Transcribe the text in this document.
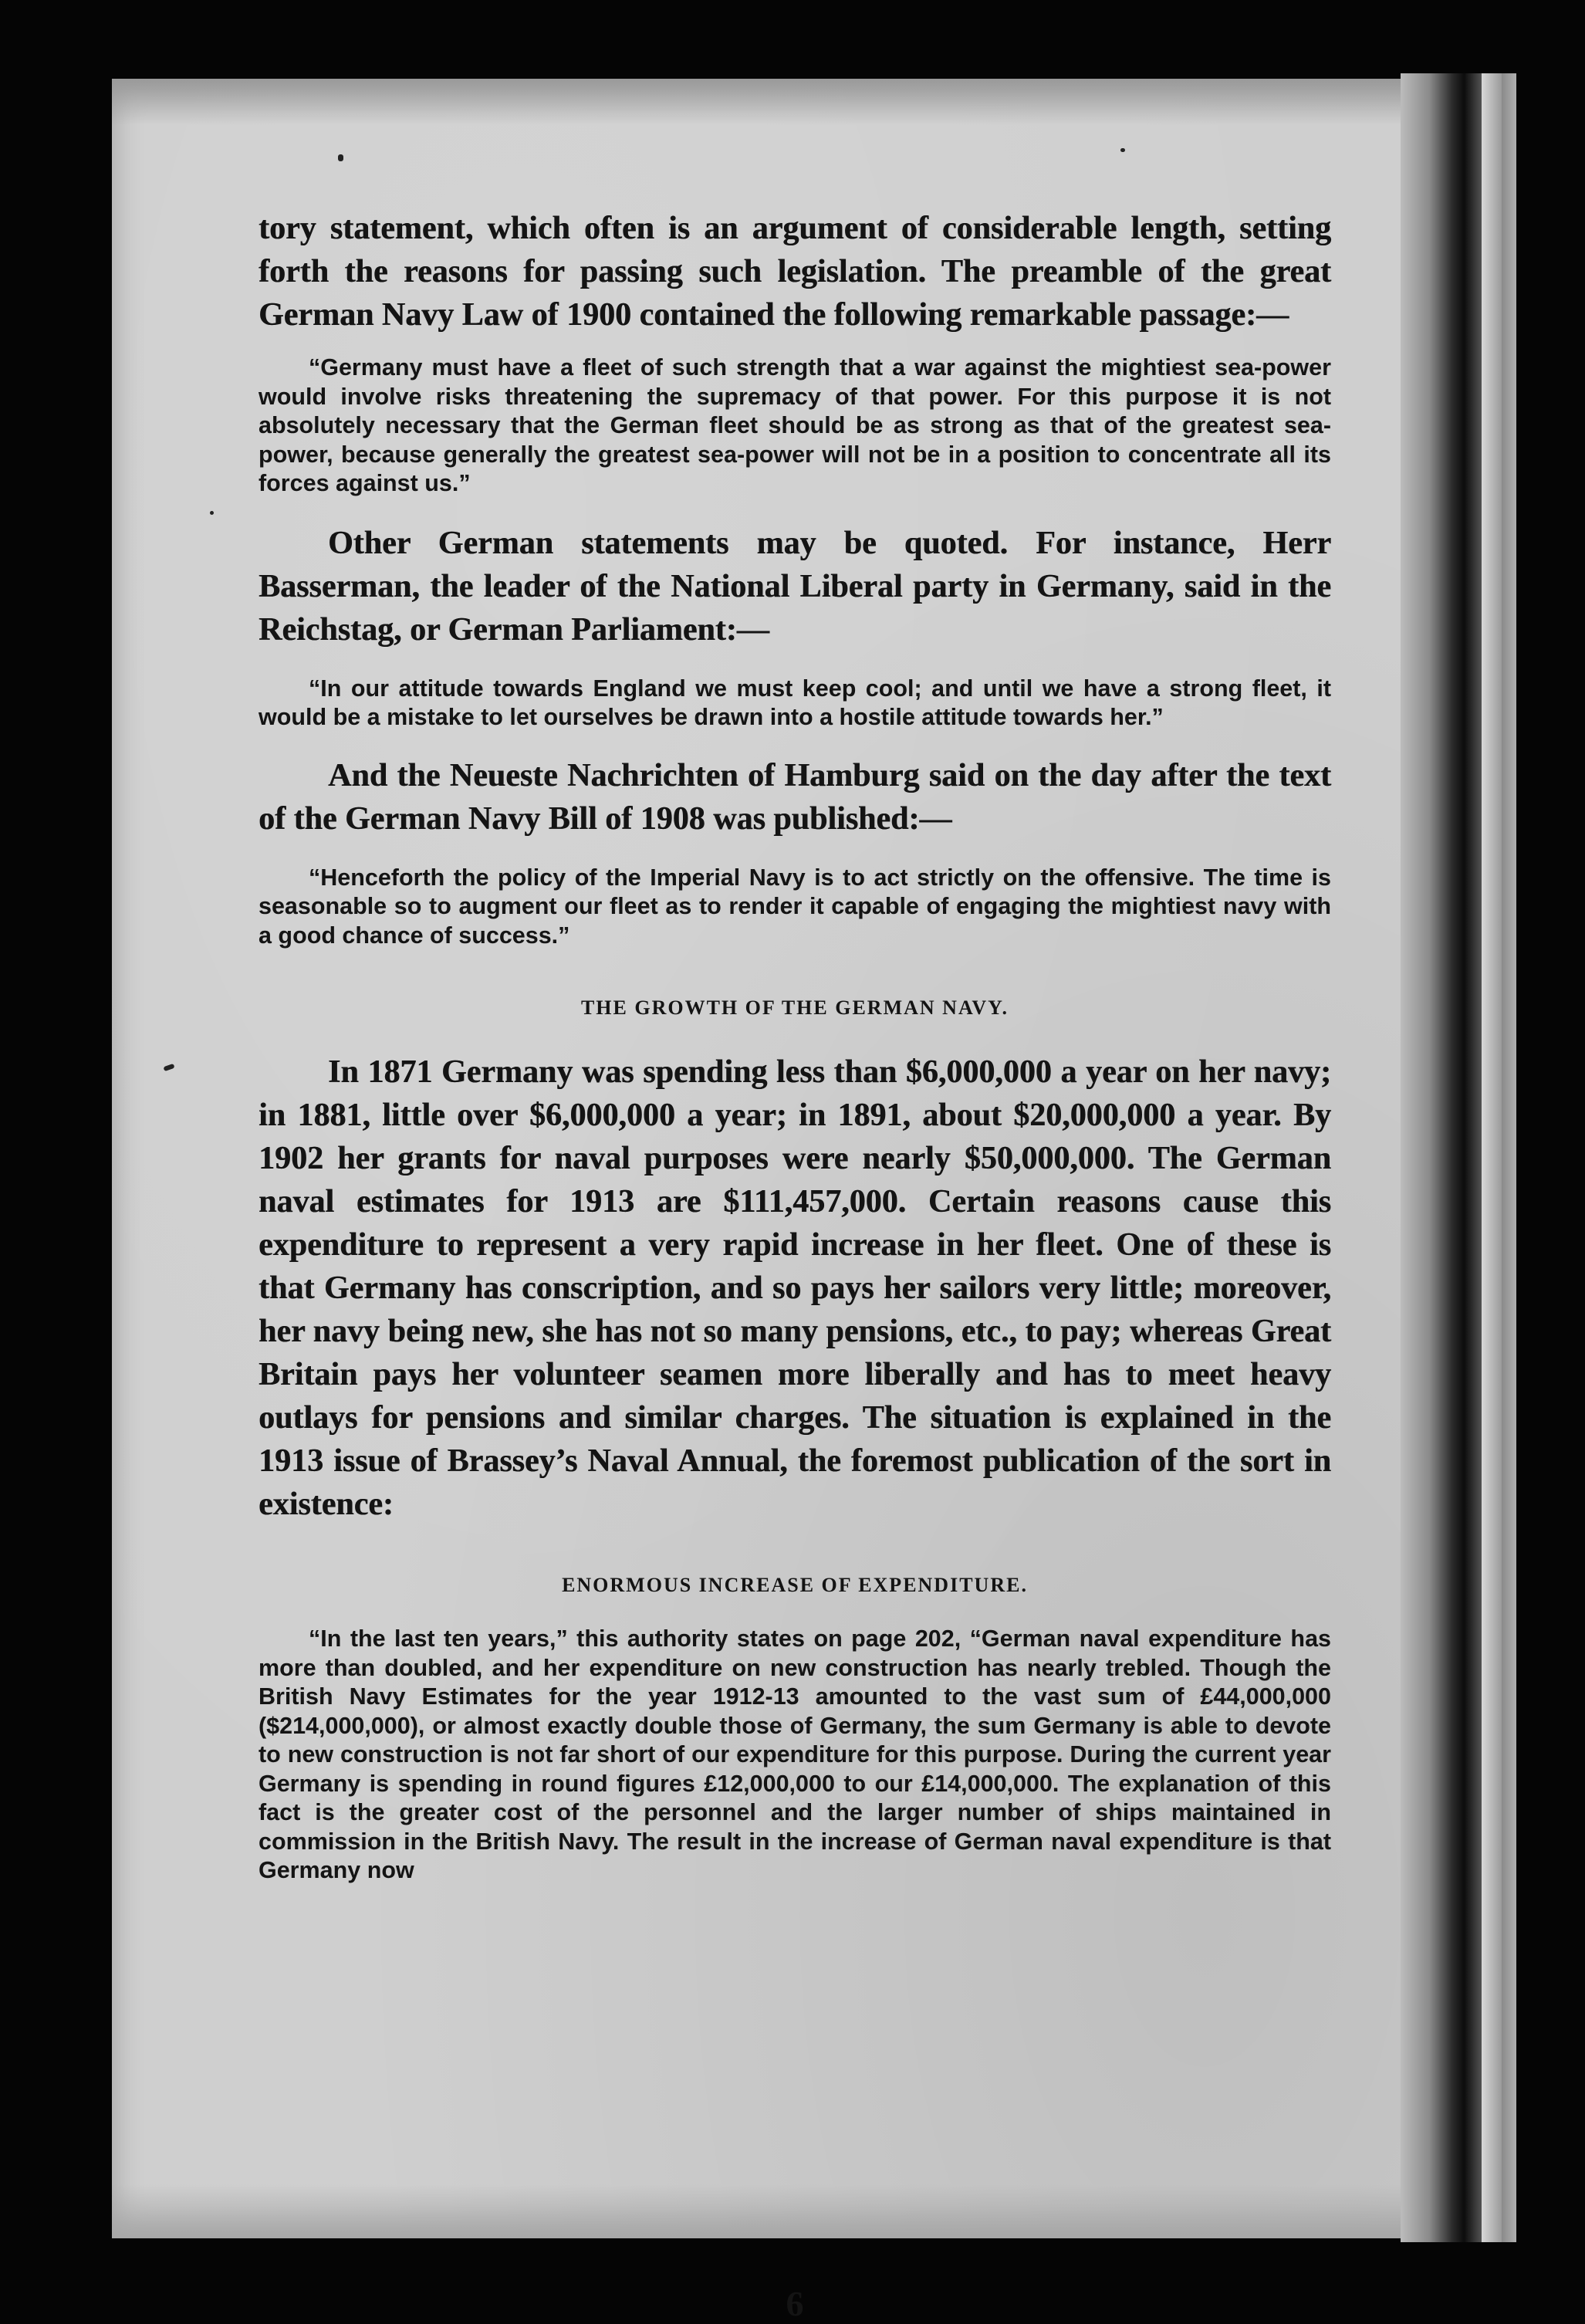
tory statement, which often is an argument of considerable length, setting forth the reasons for passing such legislation. The preamble of the great German Navy Law of 1900 contained the following remarkable passage:—

“Germany must have a fleet of such strength that a war against the mightiest sea-power would involve risks threatening the supremacy of that power. For this purpose it is not absolutely necessary that the German fleet should be as strong as that of the greatest sea-power, because generally the greatest sea-power will not be in a position to concentrate all its forces against us.”

Other German statements may be quoted. For instance, Herr Basserman, the leader of the National Liberal party in Germany, said in the Reichstag, or German Parliament:—

“In our attitude towards England we must keep cool; and until we have a strong fleet, it would be a mistake to let ourselves be drawn into a hostile attitude towards her.”

And the Neueste Nachrichten of Hamburg said on the day after the text of the German Navy Bill of 1908 was published:—

“Henceforth the policy of the Imperial Navy is to act strictly on the offensive. The time is seasonable so to augment our fleet as to render it capable of engaging the mightiest navy with a good chance of success.”

THE GROWTH OF THE GERMAN NAVY.

In 1871 Germany was spending less than $6,000,000 a year on her navy; in 1881, little over $6,000,000 a year; in 1891, about $20,000,000 a year. By 1902 her grants for naval purposes were nearly $50,000,000. The German naval estimates for 1913 are $111,457,000. Certain reasons cause this expenditure to represent a very rapid increase in her fleet. One of these is that Germany has conscription, and so pays her sailors very little; moreover, her navy being new, she has not so many pensions, etc., to pay; whereas Great Britain pays her volunteer seamen more liberally and has to meet heavy outlays for pensions and similar charges. The situation is explained in the 1913 issue of Brassey’s Naval Annual, the foremost publication of the sort in existence:

ENORMOUS INCREASE OF EXPENDITURE.

“In the last ten years,” this authority states on page 202, “German naval expenditure has more than doubled, and her expenditure on new construction has nearly trebled. Though the British Navy Estimates for the year 1912-13 amounted to the vast sum of £44,000,000 ($214,000,000), or almost exactly double those of Germany, the sum Germany is able to devote to new construction is not far short of our expenditure for this purpose. During the current year Germany is spending in round figures £12,000,000 to our £14,000,000. The explanation of this fact is the greater cost of the personnel and the larger number of ships maintained in commission in the British Navy. The result in the increase of German naval expenditure is that Germany now

6
